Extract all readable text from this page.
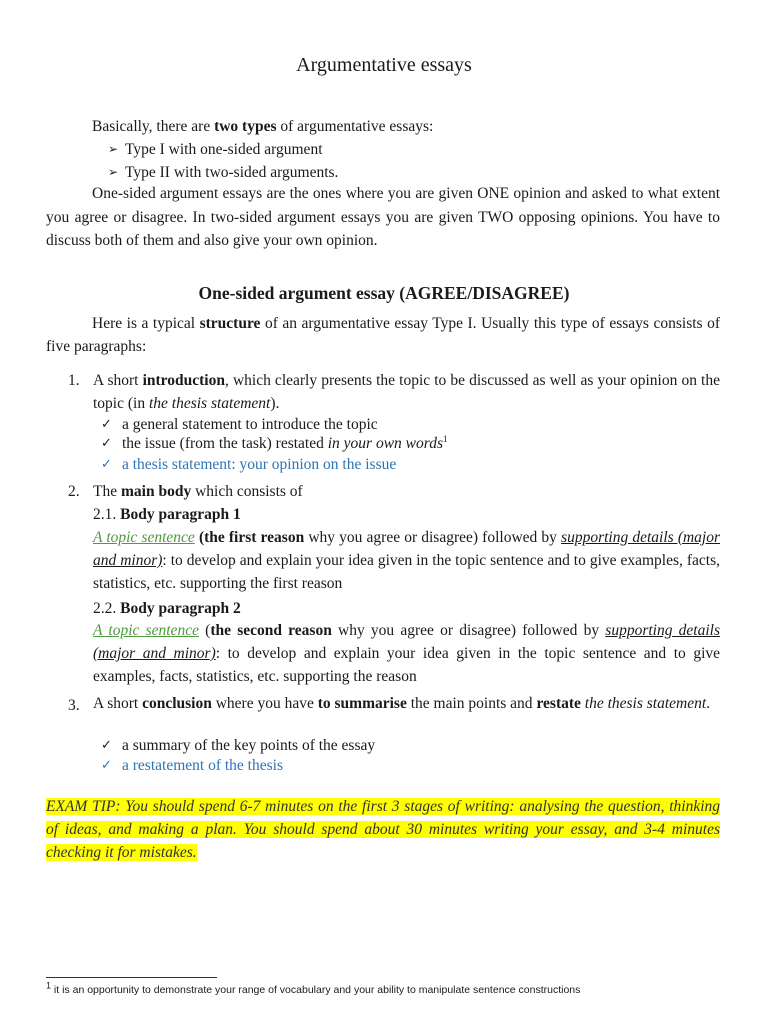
Argumentative essays
Basically, there are two types of argumentative essays:
➢ Type I with one-sided argument
➢ Type II with two-sided arguments.
One-sided argument essays are the ones where you are given ONE opinion and asked to what extent you agree or disagree. In two-sided argument essays you are given TWO opposing opinions. You have to discuss both of them and also give your own opinion.
One-sided argument essay (AGREE/DISAGREE)
Here is a typical structure of an argumentative essay Type I. Usually this type of essays consists of five paragraphs:
1. A short introduction, which clearly presents the topic to be discussed as well as your opinion on the topic (in the thesis statement).
✓ a general statement to introduce the topic
✓ the issue (from the task) restated in your own words$^1$
✓ a thesis statement: your opinion on the issue
2. The main body which consists of
2.1. Body paragraph 1
A topic sentence (the first reason why you agree or disagree) followed by supporting details (major and minor): to develop and explain your idea given in the topic sentence and to give examples, facts, statistics, etc. supporting the first reason
2.2. Body paragraph 2
A topic sentence (the second reason why you agree or disagree) followed by supporting details (major and minor): to develop and explain your idea given in the topic sentence and to give examples, facts, statistics, etc. supporting the reason
3. A short conclusion where you have to summarise the main points and restate the thesis statement.
✓ a summary of the key points of the essay
✓ a restatement of the thesis
EXAM TIP: You should spend 6-7 minutes on the first 3 stages of writing: analysing the question, thinking of ideas, and making a plan. You should spend about 30 minutes writing your essay, and 3-4 minutes checking it for mistakes.
$^1$ it is an opportunity to demonstrate your range of vocabulary and your ability to manipulate sentence constructions
